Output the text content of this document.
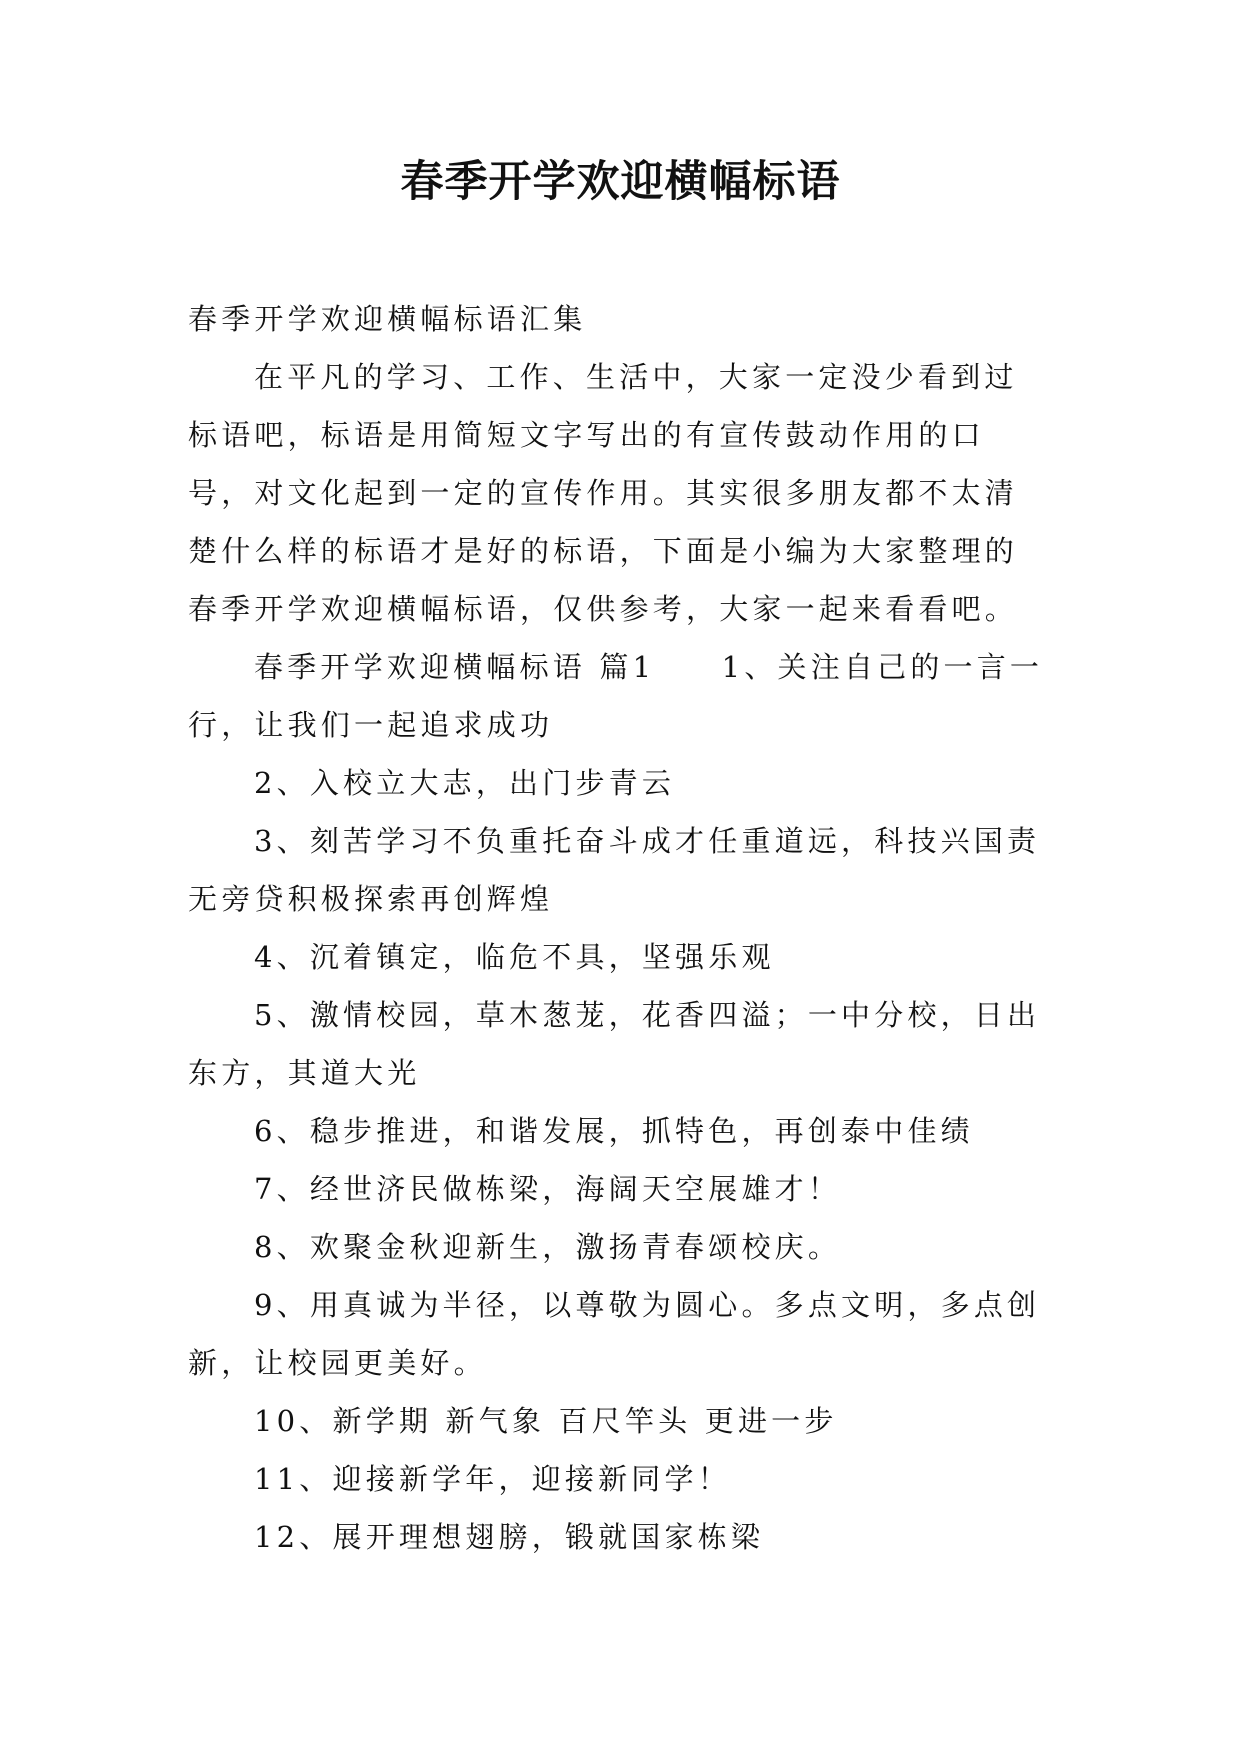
春季开学欢迎横幅标语

春季开学欢迎横幅标语汇集

在平凡的学习、工作、生活中，大家一定没少看到过标语吧，标语是用简短文字写出的有宣传鼓动作用的口号，对文化起到一定的宣传作用。其实很多朋友都不太清楚什么样的标语才是好的标语，下面是小编为大家整理的春季开学欢迎横幅标语，仅供参考，大家一起来看看吧。

春季开学欢迎横幅标语 篇1　　1、关注自己的一言一行，让我们一起追求成功

2、入校立大志，出门步青云

3、刻苦学习不负重托奋斗成才任重道远，科技兴国责无旁贷积极探索再创辉煌

4、沉着镇定，临危不具，坚强乐观

5、激情校园，草木葱茏，花香四溢；一中分校，日出东方，其道大光

6、稳步推进，和谐发展，抓特色，再创泰中佳绩

7、经世济民做栋梁，海阔天空展雄才！

8、欢聚金秋迎新生，激扬青春颂校庆。

9、用真诚为半径，以尊敬为圆心。多点文明，多点创新，让校园更美好。

10、新学期 新气象 百尺竿头 更进一步

11、迎接新学年，迎接新同学！

12、展开理想翅膀，锻就国家栋梁
